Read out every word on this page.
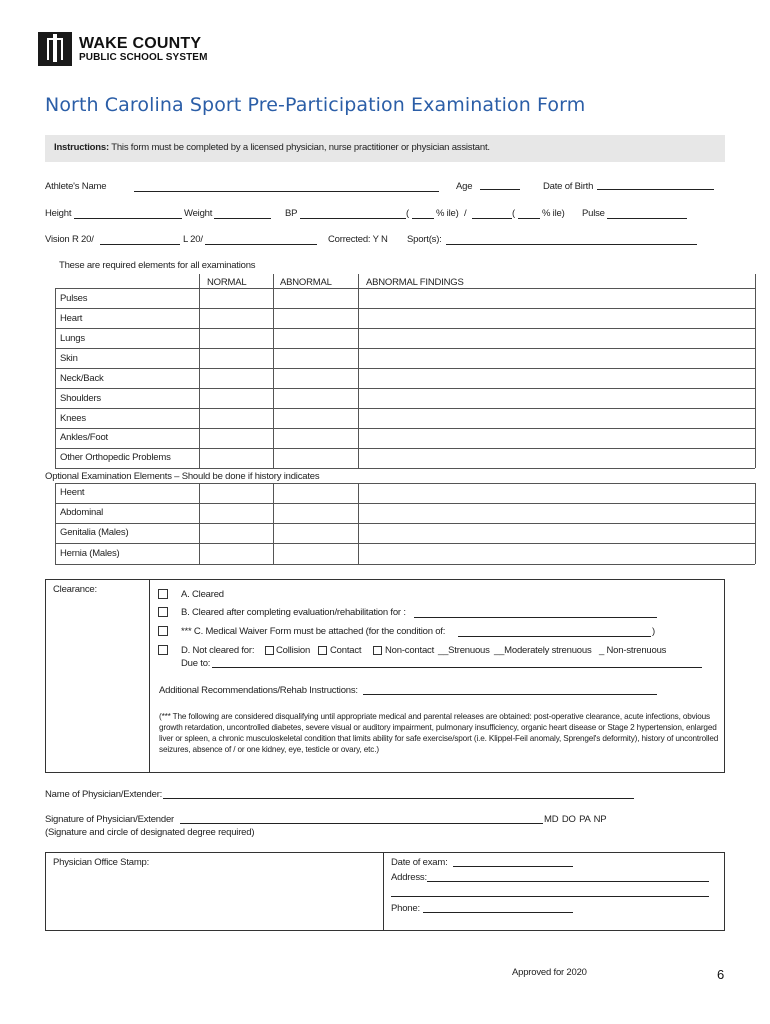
WAKE COUNTY
PUBLIC SCHOOL SYSTEM
North Carolina Sport Pre-Participation Examination Form
Instructions: This form must be completed by a licensed physician, nurse practitioner or physician assistant.
Athlete's Name	Age	Date of Birth
Height	Weight	BP	(	% ile) /	(	% ile) Pulse
Vision R 20/	L 20/	Corrected: Y N Sport(s):
These are required elements for all examinations
NORMAL	ABNORMAL	ABNORMAL FINDINGS
Pulses
Heart
Lungs
Skin
Neck/Back
Shoulders
Knees
Ankles/Foot
Other Orthopedic Problems
Optional Examination Elements – Should be done if history indicates
Heent
Abdominal
Genitalia (Males)
Hernia (Males)
Clearance:	A. Cleared
B. Cleared after completing evaluation/rehabilitation for :
*** C. Medical Waiver Form must be attached (for the condition of:	)
D. Not cleared for: Collision Contact Non-contact __Strenuous __Moderately strenuous _ Non-strenuous
Due to:
Additional Recommendations/Rehab Instructions:
(*** The following are considered disqualifying until appropriate medical and parental releases are obtained: post-operative clearance, acute infections, obvious growth retardation, uncontrolled diabetes, severe visual or auditory impairment, pulmonary insufficiency, organic heart disease or Stage 2 hypertension, enlarged liver or spleen, a chronic musculoskeletal condition that limits ability for safe exercise/sport (i.e. Klippel-Feil anomaly, Sprengel's deformity), history of uncontrolled seizures, absence of / or one kidney, eye, testicle or ovary, etc.)
Name of Physician/Extender:
Signature of Physician/Extender	MD DO PA NP
(Signature and circle of designated degree required)
Physician Office Stamp:	Date of exam:
Address:
Phone:
Approved for 2020	6
